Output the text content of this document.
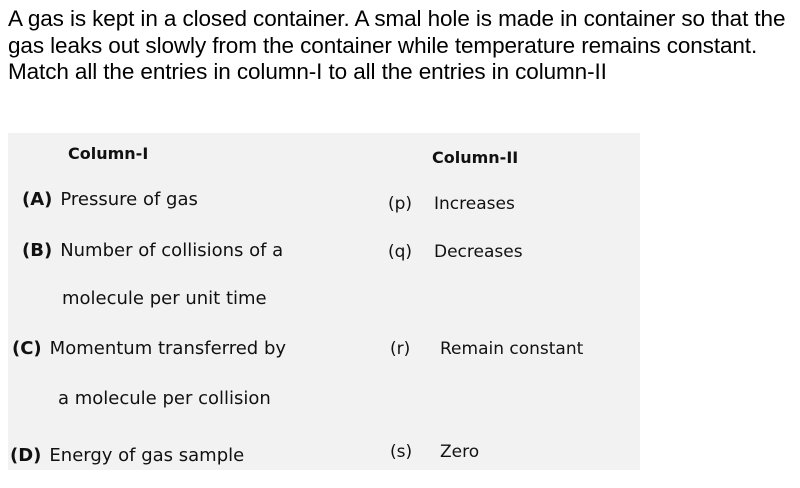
A gas is kept in a closed container. A smal hole is made in container so that the gas leaks out slowly from the container while temperature remains constant. Match all the entries in column-I to all the entries in column-II
Column-I	Column-II
(A) Pressure of gas
(B) Number of collisions of a
molecule per unit time
(C) Momentum transferred by
a molecule per collision
(D) Energy of gas sample
(p) Increases
(q) Decreases
(r) Remain constant
(s) Zero
